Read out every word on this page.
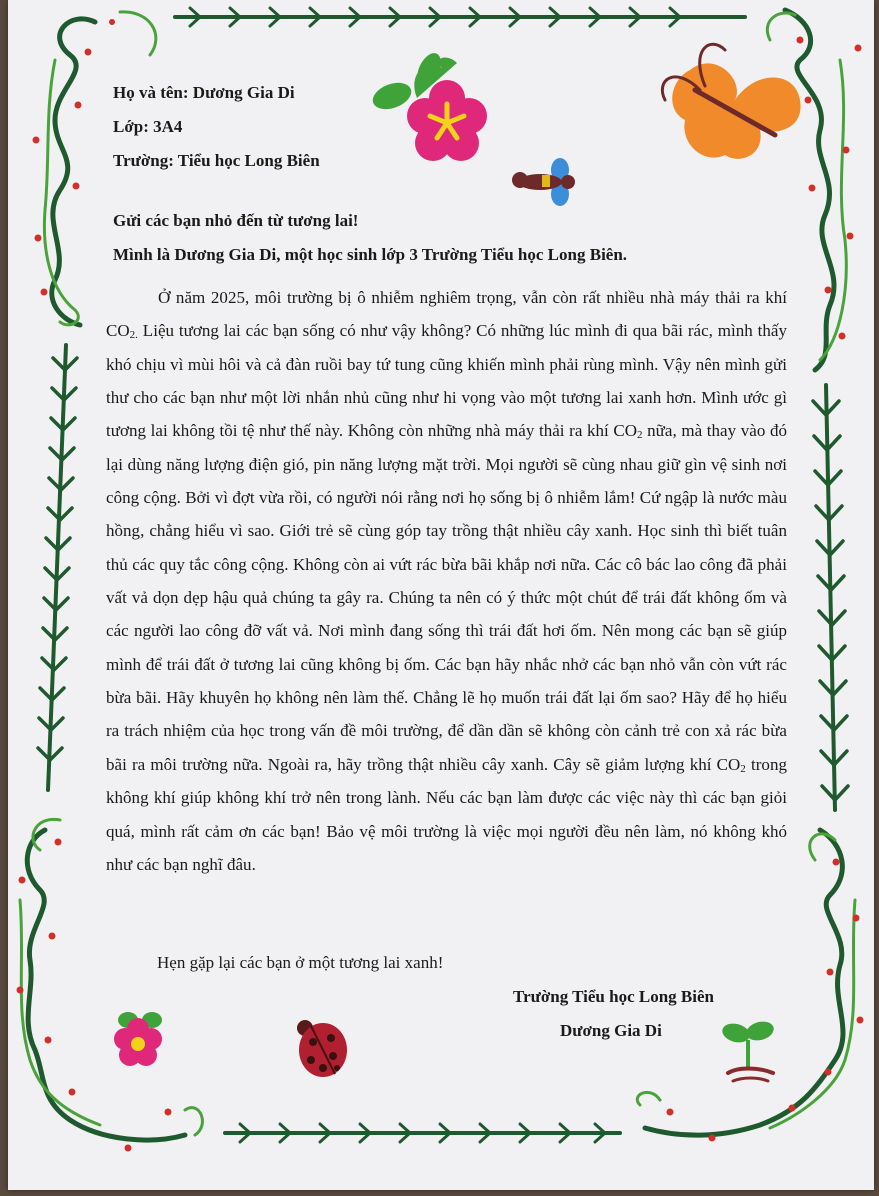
Họ và tên: Dương Gia Di
Lớp: 3A4
Trường: Tiểu học Long Biên
Gửi các bạn nhỏ đến từ tương lai!
Mình là Dương Gia Di, một học sinh lớp 3 Trường Tiểu học Long Biên.

Ở năm 2025, môi trường bị ô nhiễm nghiêm trọng, vẫn còn rất nhiều nhà máy thải ra khí $CO_{2.}$ Liệu tương lai các bạn sống có như vậy không? Có những lúc mình đi qua bãi rác, mình thấy khó chịu vì mùi hôi và cả đàn ruồi bay tứ tung cũng khiến mình phải rùng mình. Vậy nên mình gửi thư cho các bạn như một lời nhắn nhủ cũng như hi vọng vào một tương lai xanh hơn. Mình ước gì tương lai không tồi tệ như thế này. Không còn những nhà máy thải ra khí $CO_2$ nữa, mà thay vào đó lại dùng năng lượng điện gió, pin năng lượng mặt trời. Mọi người sẽ cùng nhau giữ gìn vệ sinh nơi công cộng. Bởi vì đợt vừa rồi, có người nói rằng nơi họ sống bị ô nhiễm lắm! Cứ ngập là nước màu hồng, chẳng hiểu vì sao. Giới trẻ sẽ cùng góp tay trồng thật nhiều cây xanh. Học sinh thì biết tuân thủ các quy tắc công cộng. Không còn ai vứt rác bừa bãi khắp nơi nữa. Các cô bác lao công đã phải vất vả dọn dẹp hậu quả chúng ta gây ra. Chúng ta nên có ý thức một chút để trái đất không ốm và các người lao công đỡ vất vả. Nơi mình đang sống thì trái đất hơi ốm. Nên mong các bạn sẽ giúp mình để trái đất ở tương lai cũng không bị ốm. Các bạn hãy nhắc nhở các bạn nhỏ vẫn còn vứt rác bừa bãi. Hãy khuyên họ không nên làm thế. Chẳng lẽ họ muốn trái đất lại ốm sao? Hãy để họ hiểu ra trách nhiệm của học trong vấn đề môi trường, để dần dần sẽ không còn cảnh trẻ con xả rác bừa bãi ra môi trường nữa. Ngoài ra, hãy trồng thật nhiều cây xanh. Cây sẽ giảm lượng khí $CO_2$ trong không khí giúp không khí trở nên trong lành. Nếu các bạn làm được các việc này thì các bạn giỏi quá, mình rất cảm ơn các bạn! Bảo vệ môi trường là việc mọi người đều nên làm, nó không khó như các bạn nghĩ đâu.

Hẹn gặp lại các bạn ở một tương lai xanh!
Trường Tiểu học Long Biên
Dương Gia Di
